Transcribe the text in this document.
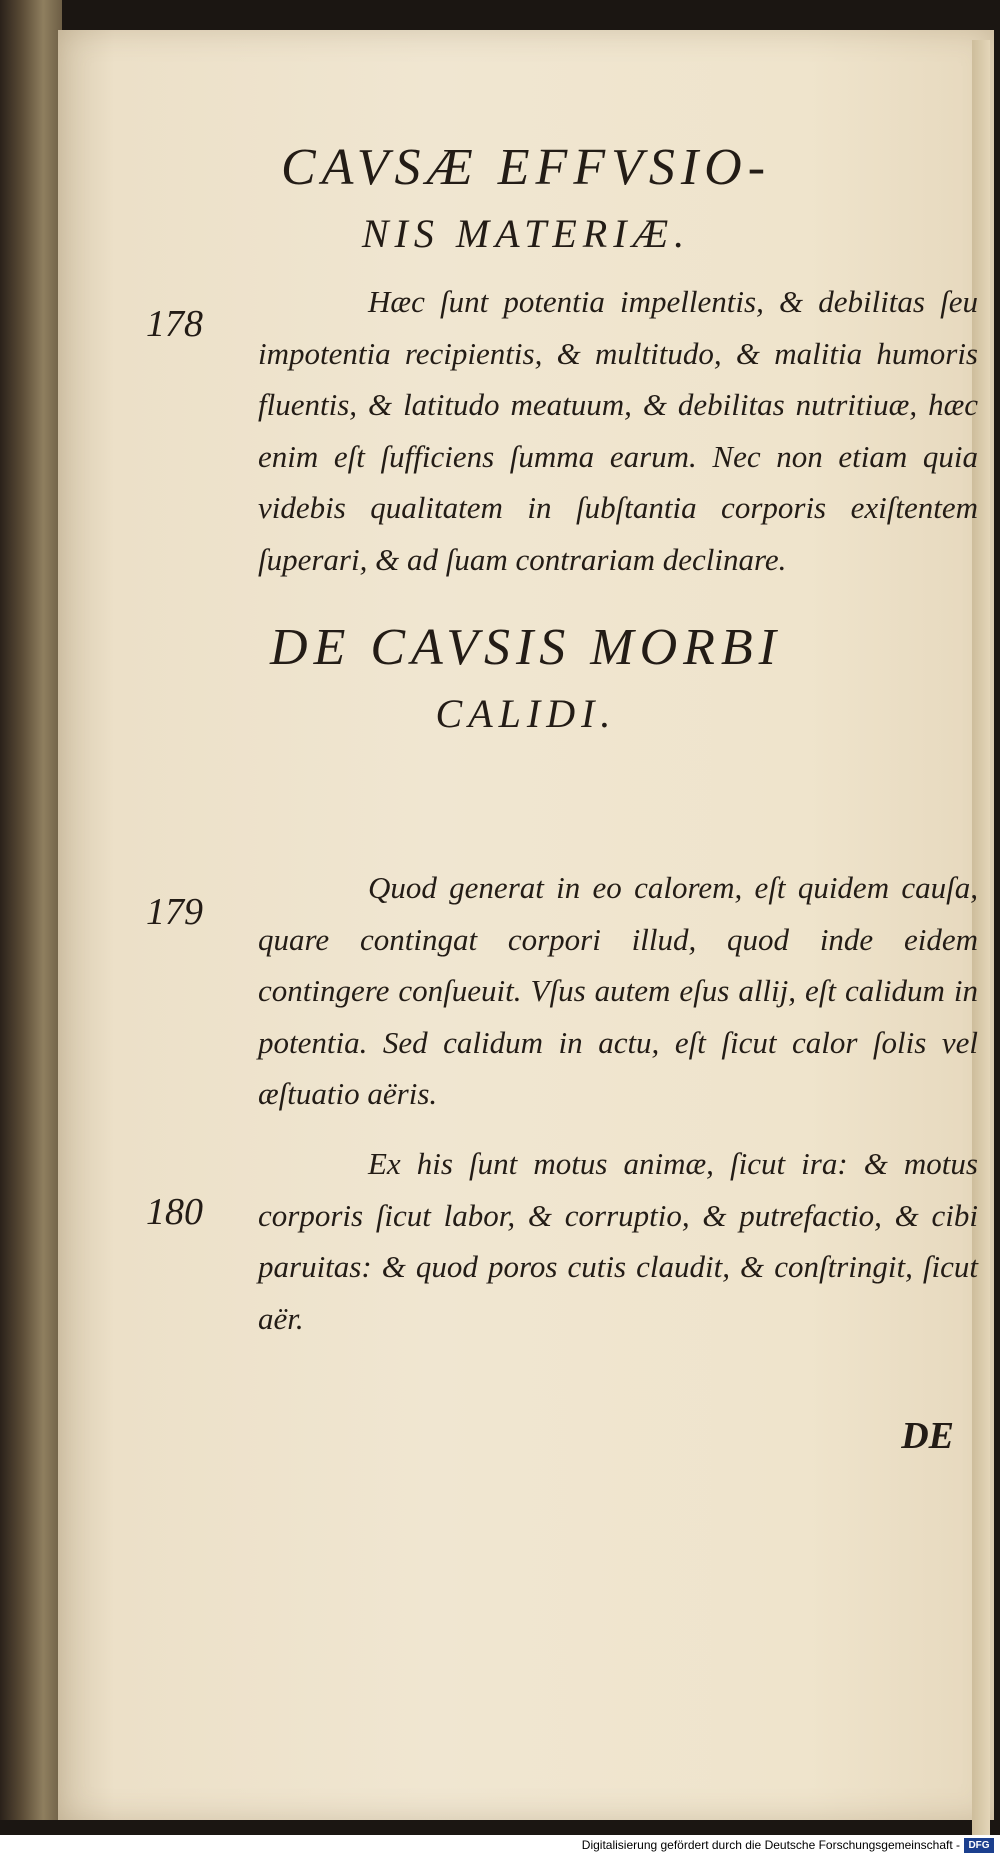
CAVSÆ EFFVSIO-
NIS MATERIÆ.

178

Hæc ſunt potentia impellentis, & debilitas ſeu impotentia recipientis, & multitudo, & malitia humoris fluentis, & latitudo meatuum, & debilitas nutritiuæ, hæc enim eſt ſufficiens ſumma earum. Nec non etiam quia videbis qualitatem in ſubſtantia corporis exiſtentem ſuperari, & ad ſuam contrariam declinare.

DE CAVSIS MORBI
CALIDI.

179

Quod generat in eo calorem, eſt quidem cauſa, quare contingat corpori illud, quod inde eidem contingere conſueuit. Vſus autem eſus allij, eſt calidum in potentia. Sed calidum in actu, eſt ſicut calor ſolis vel æſtuatio aëris.

180

Ex his ſunt motus animæ, ſicut ira: & motus corporis ſicut labor, & corruptio, & putrefactio, & cibi paruitas: & quod poros cutis claudit, & conſtringit, ſicut aër.

DE

Digitalisierung gefördert durch die Deutsche Forschungsgemeinschaft - DFG
